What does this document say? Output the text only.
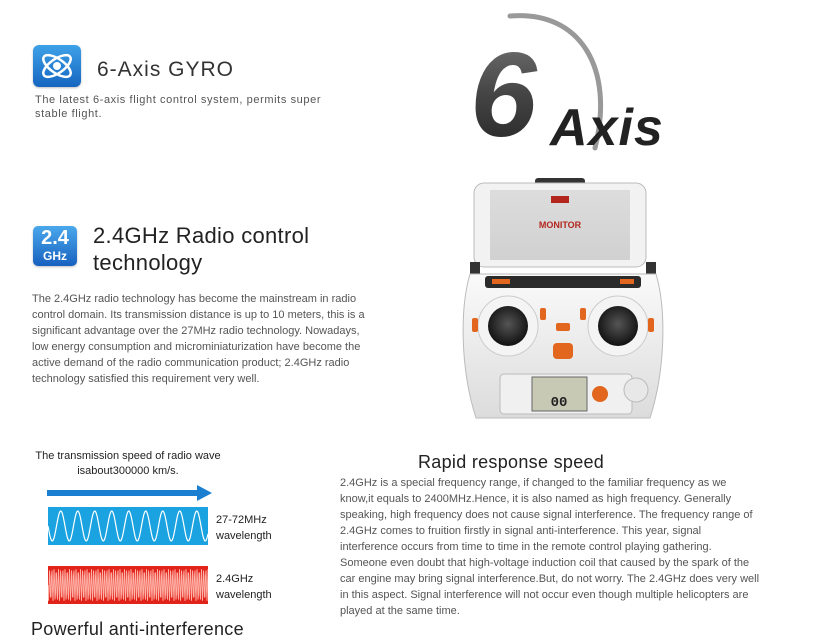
6-Axis GYRO
The latest 6-axis flight control system, permits super stable flight.	6 Axis
2.4
GHz
2.4GHz Radio control technology
The 2.4GHz radio technology has become the mainstream in radio control domain. Its transmission distance is up to 10 meters, this is a significant advantage over the 27MHz radio technology. Nowadays, low energy consumption and microminiaturization have become the active demand of the radio communication product; 2.4GHz radio technology satisfied this requirement very well.
MONITOR
00
The transmission speed of radio wave isabout300000 km/s.
27-72MHz wavelength
2.4GHz wavelength
Rapid response speed
2.4GHz is a special frequency range, if changed to the familiar frequency as we know,it equals to 2400MHz.Hence, it is also named as high frequency. Generally speaking, high frequency does not cause signal interference. The frequency range of 2.4GHz comes to fruition firstly in signal anti-interference. This year, signal interference occurs from time to time in the remote control playing gathering. Someone even doubt that high-voltage induction coil that caused by the spark of the car engine may bring signal interference.But, do not worry. The 2.4GHz does very well in this aspect. Signal interference will not occur even though multiple helicopters are played at the same time.
Powerful anti-interference
